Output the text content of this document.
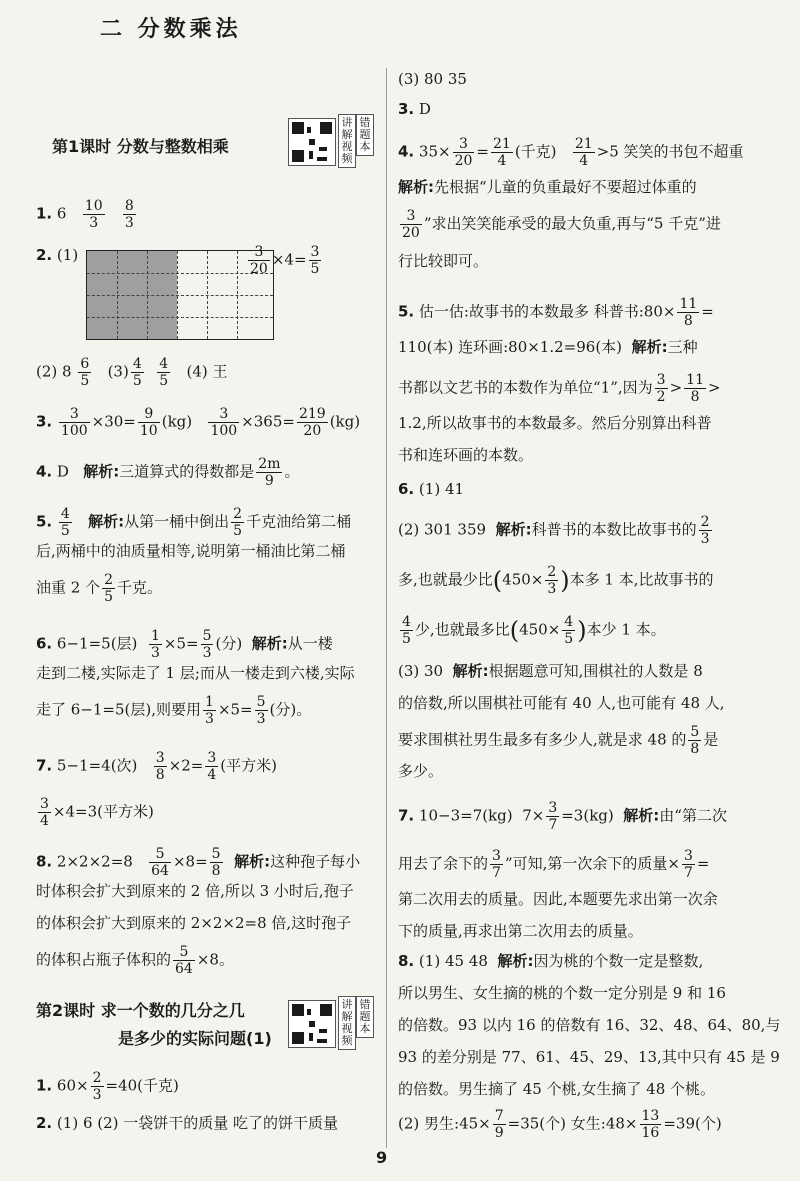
二 分数乘法
第1课时 分数与整数相乘
讲解视频
错题本
1. $6 \frac{10}{3}$
$\frac{8}{3}$
2. (1)	$\frac{3}{20} \times 4= \frac{3}{5}$
(2) $8 \frac{6}{5} (3) \frac{4}{5}$
$\frac{4}{5} (4)$ 王
3. $\frac{3}{100} \times 30= \frac{9}{10} (kg) \frac{3}{100} \times 365= \frac{219}{20} (kg)$
4. D 解析:三道算式的得数都是 $\frac{2m}{9}$ 。
5. $\frac{4}{5}$ 解析:从第一桶中倒出 $\frac{2}{5}$ 千克油给第二桶
后,两桶中的油质量相等,说明第一桶油比第二桶
油重 2 个 $\frac{2}{5}$ 千克。
6. 6−1=5(层) $\frac{1}{3} \times 5= \frac{5}{3}$ (分) 解析:从一楼
走到二楼,实际走了 1 层;而从一楼走到六楼,实际
走了 6−1=5(层),则要用 $\frac{1}{3} \times 5= \frac{5}{3}$ (分)。
7. 5−1=4(次) $\frac{3}{8} \times 2= \frac{3}{4}$ (平方米)
$\frac{3}{4} \times 4=3$(平方米)
8. $2\times 2\times 2=8 \frac{5}{64} \times 8= \frac{5}{8}$ 解析:这种孢子每小
时体积会扩大到原来的 2 倍,所以 3 小时后,孢子
的体积会扩大到原来的 2×2×2=8 倍,这时孢子
的体积占瓶子体积的 $\frac{5}{64} \times 8$。
1. $60\times \frac{2}{3} =40$(千克)
2. (1) 6 (2) 一袋饼干的质量 吃了的饼干质量
第2课时 求一个数的几分之几
是多少的实际问题(1)
讲解视频
错题本
(3) 80 35
3. D
4. $35\times \frac{3}{20} = \frac{21}{4}$ (千克) $\frac{21}{4} >5$ 笑笑的书包不超重
解析:先根据“儿童的负重最好不要超过体重的
$\frac{3}{20}$ ”求出笑笑能承受的最大负重,再与“5 千克”进
行比较即可。
5. 估一估:故事书的本数最多 科普书:80× $\frac{11}{8}$ =
110(本) 连环画:80×1.2=96(本) 解析:三种
书都以文艺书的本数作为单位“1”,因为 $\frac{3}{2} > \frac{11}{8}$ >
1.2,所以故事书的本数最多。然后分别算出科普
书和连环画的本数。
6. (1) 41
(2) 301 359 解析:科普书的本数比故事书的 $\frac{2}{3}$
多,也就最少比($450\times \frac{2}{3}$ )本多 1 本,比故事书的
$\frac{4}{5}$ 少,也就最多比($450\times \frac{4}{5}$ )本少 1 本。
(3) 30 解析:根据题意可知,围棋社的人数是 8
的倍数,所以围棋社可能有 40 人,也可能有 48 人,
要求围棋社男生最多有多少人,就是求 48 的 $\frac{5}{8}$ 是
多少。
7. 10−3=7(kg) $7\times \frac{3}{7} =3(kg)$ 解析:由“第二次
用去了余下的 $\frac{3}{7}$ ”可知,第一次余下的质量× $\frac{3}{7}$ =
第二次用去的质量。因此,本题要先求出第一次余
下的质量,再求出第二次用去的质量。
8. (1) 45 48 解析:因为桃的个数一定是整数,
所以男生、女生摘的桃的个数一定分别是 9 和 16
的倍数。93 以内 16 的倍数有 16、32、48、64、80,与
93 的差分别是 77、61、45、29、13,其中只有 45 是 9
的倍数。男生摘了 45 个桃,女生摘了 48 个桃。
(2) 男生:45× $\frac{7}{9} =35$(个) 女生:48× $\frac{13}{16} =39$(个)
9
